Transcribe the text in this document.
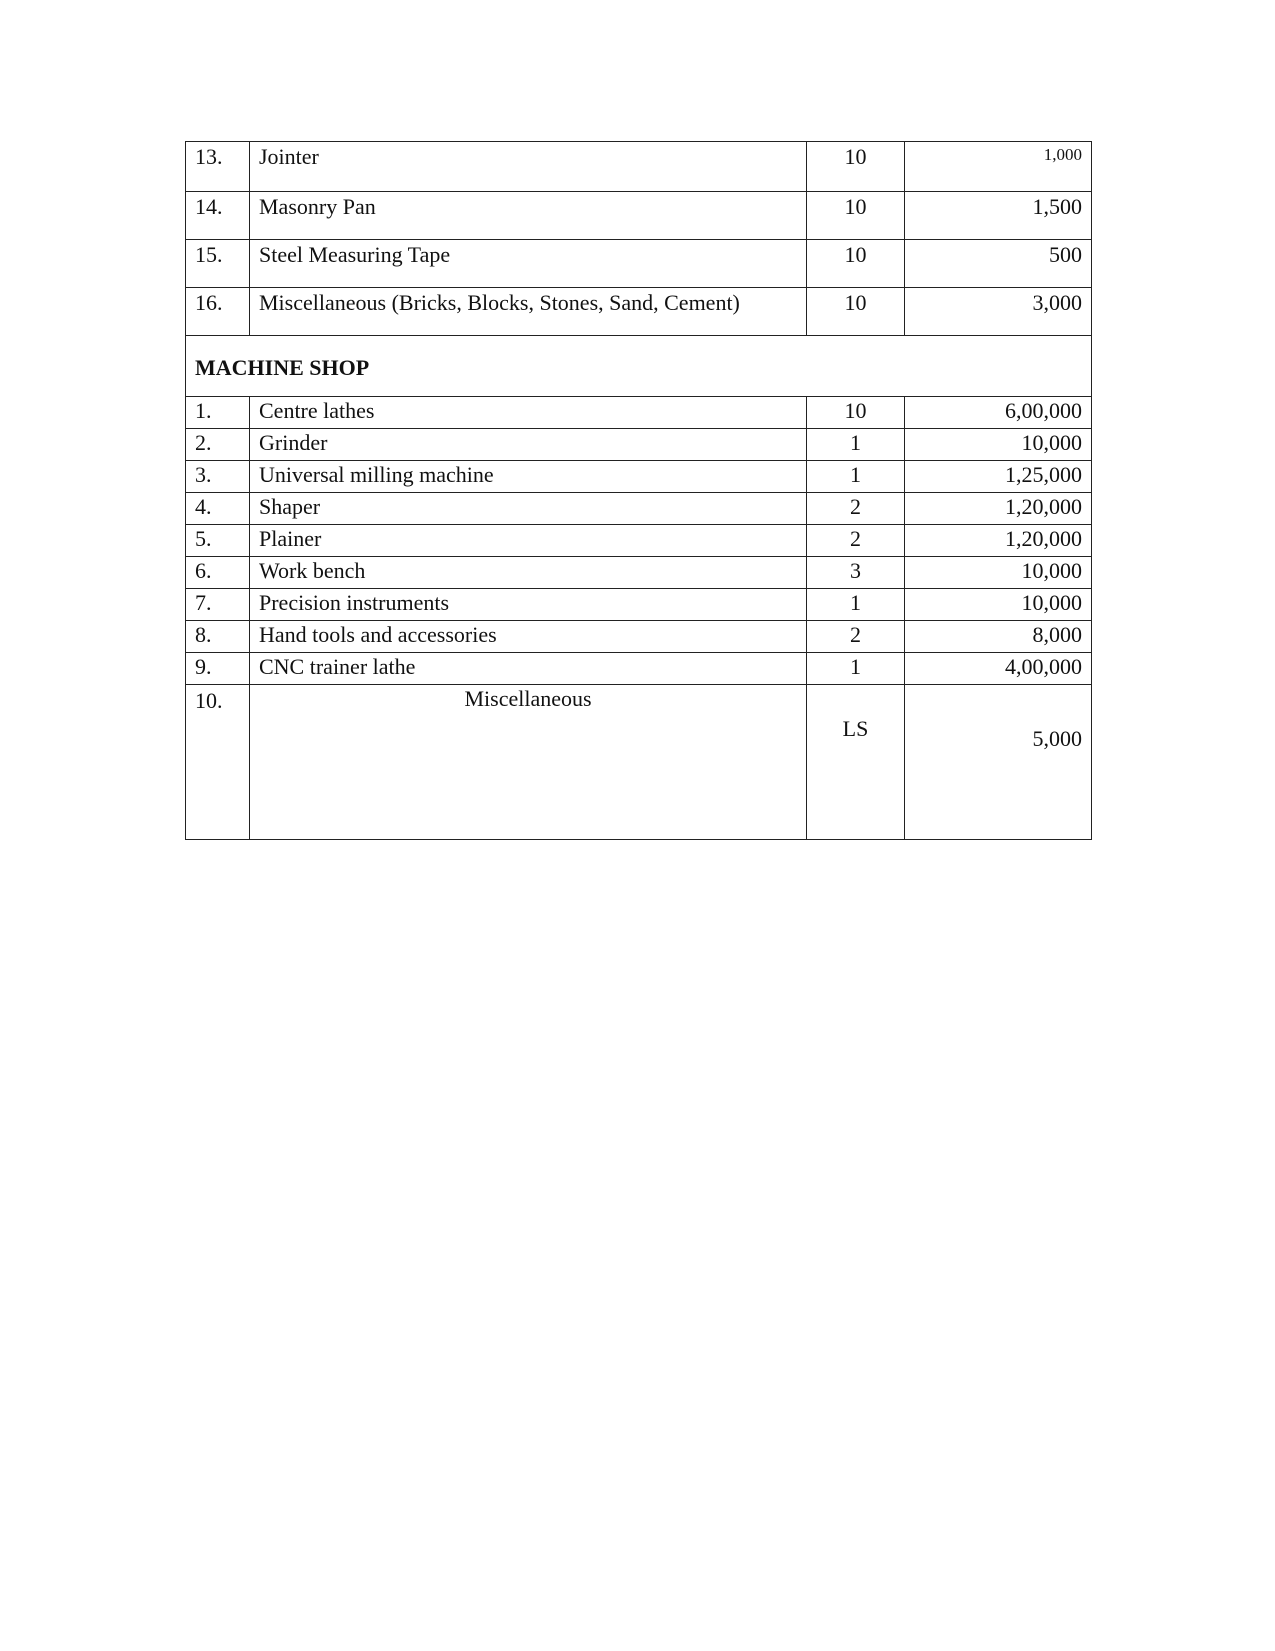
13.	Jointer	10	1,000
14.	Masonry Pan	10	1,500
15.	Steel Measuring Tape	10	500
16.	Miscellaneous (Bricks, Blocks, Stones, Sand, Cement)	10	3,000
MACHINE SHOP			
1.	Centre lathes	10	6,00,000
2.	Grinder	1	10,000
3.	Universal milling machine	1	1,25,000
4.	Shaper	2	1,20,000
5.	Plainer	2	1,20,000
6.	Work bench	3	10,000
7.	Precision instruments	1	10,000
8.	Hand tools and accessories	2	8,000
9.	CNC trainer lathe	1	4,00,000
10.	Miscellaneous	LS	5,000
